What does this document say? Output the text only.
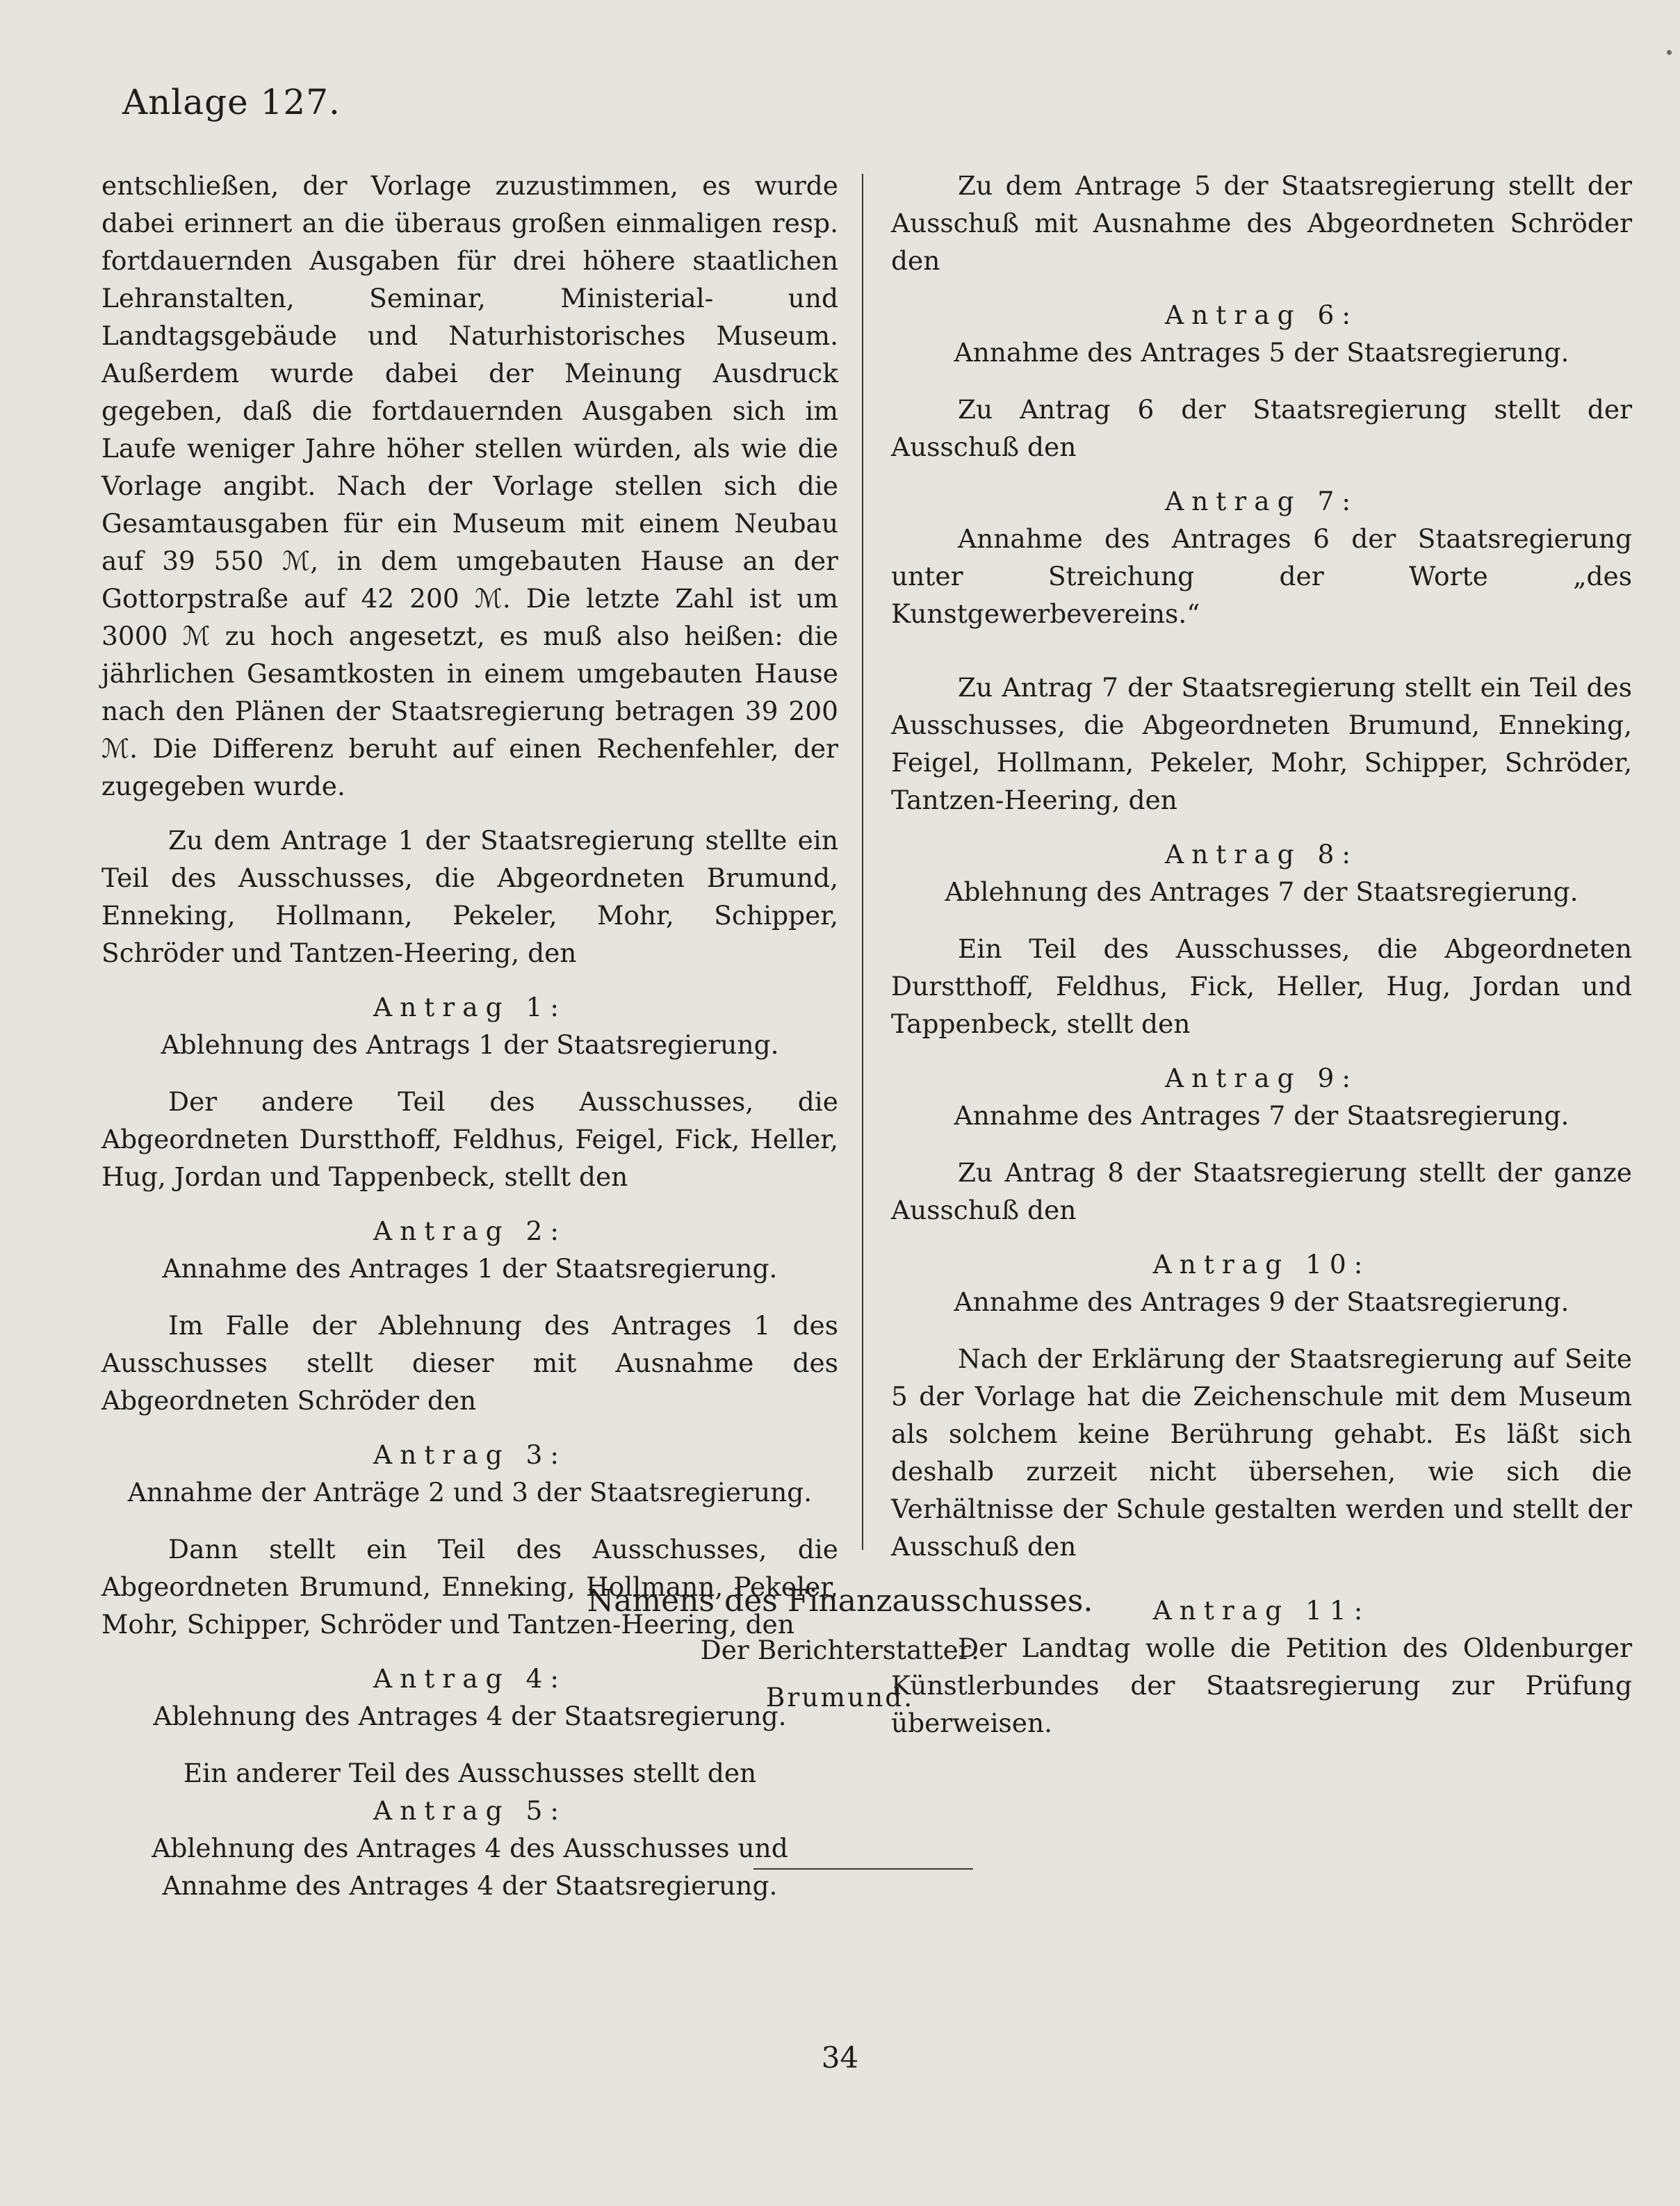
Anlage 127.

entschließen, der Vorlage zuzustimmen, es wurde dabei erinnert an die überaus großen einmaligen resp. fortdauernden Ausgaben für drei höhere staatlichen Lehranstalten, Seminar, Ministerial- und Landtagsgebäude und Naturhistorisches Museum. Außerdem wurde dabei der Meinung Ausdruck gegeben, daß die fortdauernden Ausgaben sich im Laufe weniger Jahre höher stellen würden, als wie die Vorlage angibt. Nach der Vorlage stellen sich die Gesamtausgaben für ein Museum mit einem Neubau auf 39 550 ℳ, in dem umgebauten Hause an der Gottorpstraße auf 42 200 ℳ. Die letzte Zahl ist um 3000 ℳ zu hoch angesetzt, es muß also heißen: die jährlichen Gesamtkosten in einem umgebauten Hause nach den Plänen der Staatsregierung betragen 39 200 ℳ. Die Differenz beruht auf einen Rechenfehler, der zugegeben wurde.

Zu dem Antrage 1 der Staatsregierung stellte ein Teil des Ausschusses, die Abgeordneten Brumund, Enneking, Hollmann, Pekeler, Mohr, Schipper, Schröder und Tantzen-Heering, den

Antrag 1:

Ablehnung des Antrags 1 der Staatsregierung.

Der andere Teil des Ausschusses, die Abgeordneten Durstthoff, Feldhus, Feigel, Fick, Heller, Hug, Jordan und Tappenbeck, stellt den

Antrag 2:

Annahme des Antrages 1 der Staatsregierung.

Im Falle der Ablehnung des Antrages 1 des Ausschusses stellt dieser mit Ausnahme des Abgeordneten Schröder den

Antrag 3:

Annahme der Anträge 2 und 3 der Staatsregierung.

Dann stellt ein Teil des Ausschusses, die Abgeordneten Brumund, Enneking, Hollmann, Pekeler, Mohr, Schipper, Schröder und Tantzen-Heering, den

Antrag 4:

Ablehnung des Antrages 4 der Staatsregierung.

Ein anderer Teil des Ausschusses stellt den

Antrag 5:

Ablehnung des Antrages 4 des Ausschusses und

Annahme des Antrages 4 der Staatsregierung.

Zu dem Antrage 5 der Staatsregierung stellt der Ausschuß mit Ausnahme des Abgeordneten Schröder den

Antrag 6:

Annahme des Antrages 5 der Staatsregierung.

Zu Antrag 6 der Staatsregierung stellt der Ausschuß den

Antrag 7:

Annahme des Antrages 6 der Staatsregierung unter Streichung der Worte „des Kunstgewerbevereins.“

Zu Antrag 7 der Staatsregierung stellt ein Teil des Ausschusses, die Abgeordneten Brumund, Enneking, Feigel, Hollmann, Pekeler, Mohr, Schipper, Schröder, Tantzen-Heering, den

Antrag 8:

Ablehnung des Antrages 7 der Staatsregierung.

Ein Teil des Ausschusses, die Abgeordneten Durstthoff, Feldhus, Fick, Heller, Hug, Jordan und Tappenbeck, stellt den

Antrag 9:

Annahme des Antrages 7 der Staatsregierung.

Zu Antrag 8 der Staatsregierung stellt der ganze Ausschuß den

Antrag 10:

Annahme des Antrages 9 der Staatsregierung.

Nach der Erklärung der Staatsregierung auf Seite 5 der Vorlage hat die Zeichenschule mit dem Museum als solchem keine Berührung gehabt. Es läßt sich deshalb zurzeit nicht übersehen, wie sich die Verhältnisse der Schule gestalten werden und stellt der Ausschuß den

Antrag 11:

Der Landtag wolle die Petition des Oldenburger Künstlerbundes der Staatsregierung zur Prüfung überweisen.

Namens des Finanzausschusses.
Der Berichterstatter:
Brumund.
34
